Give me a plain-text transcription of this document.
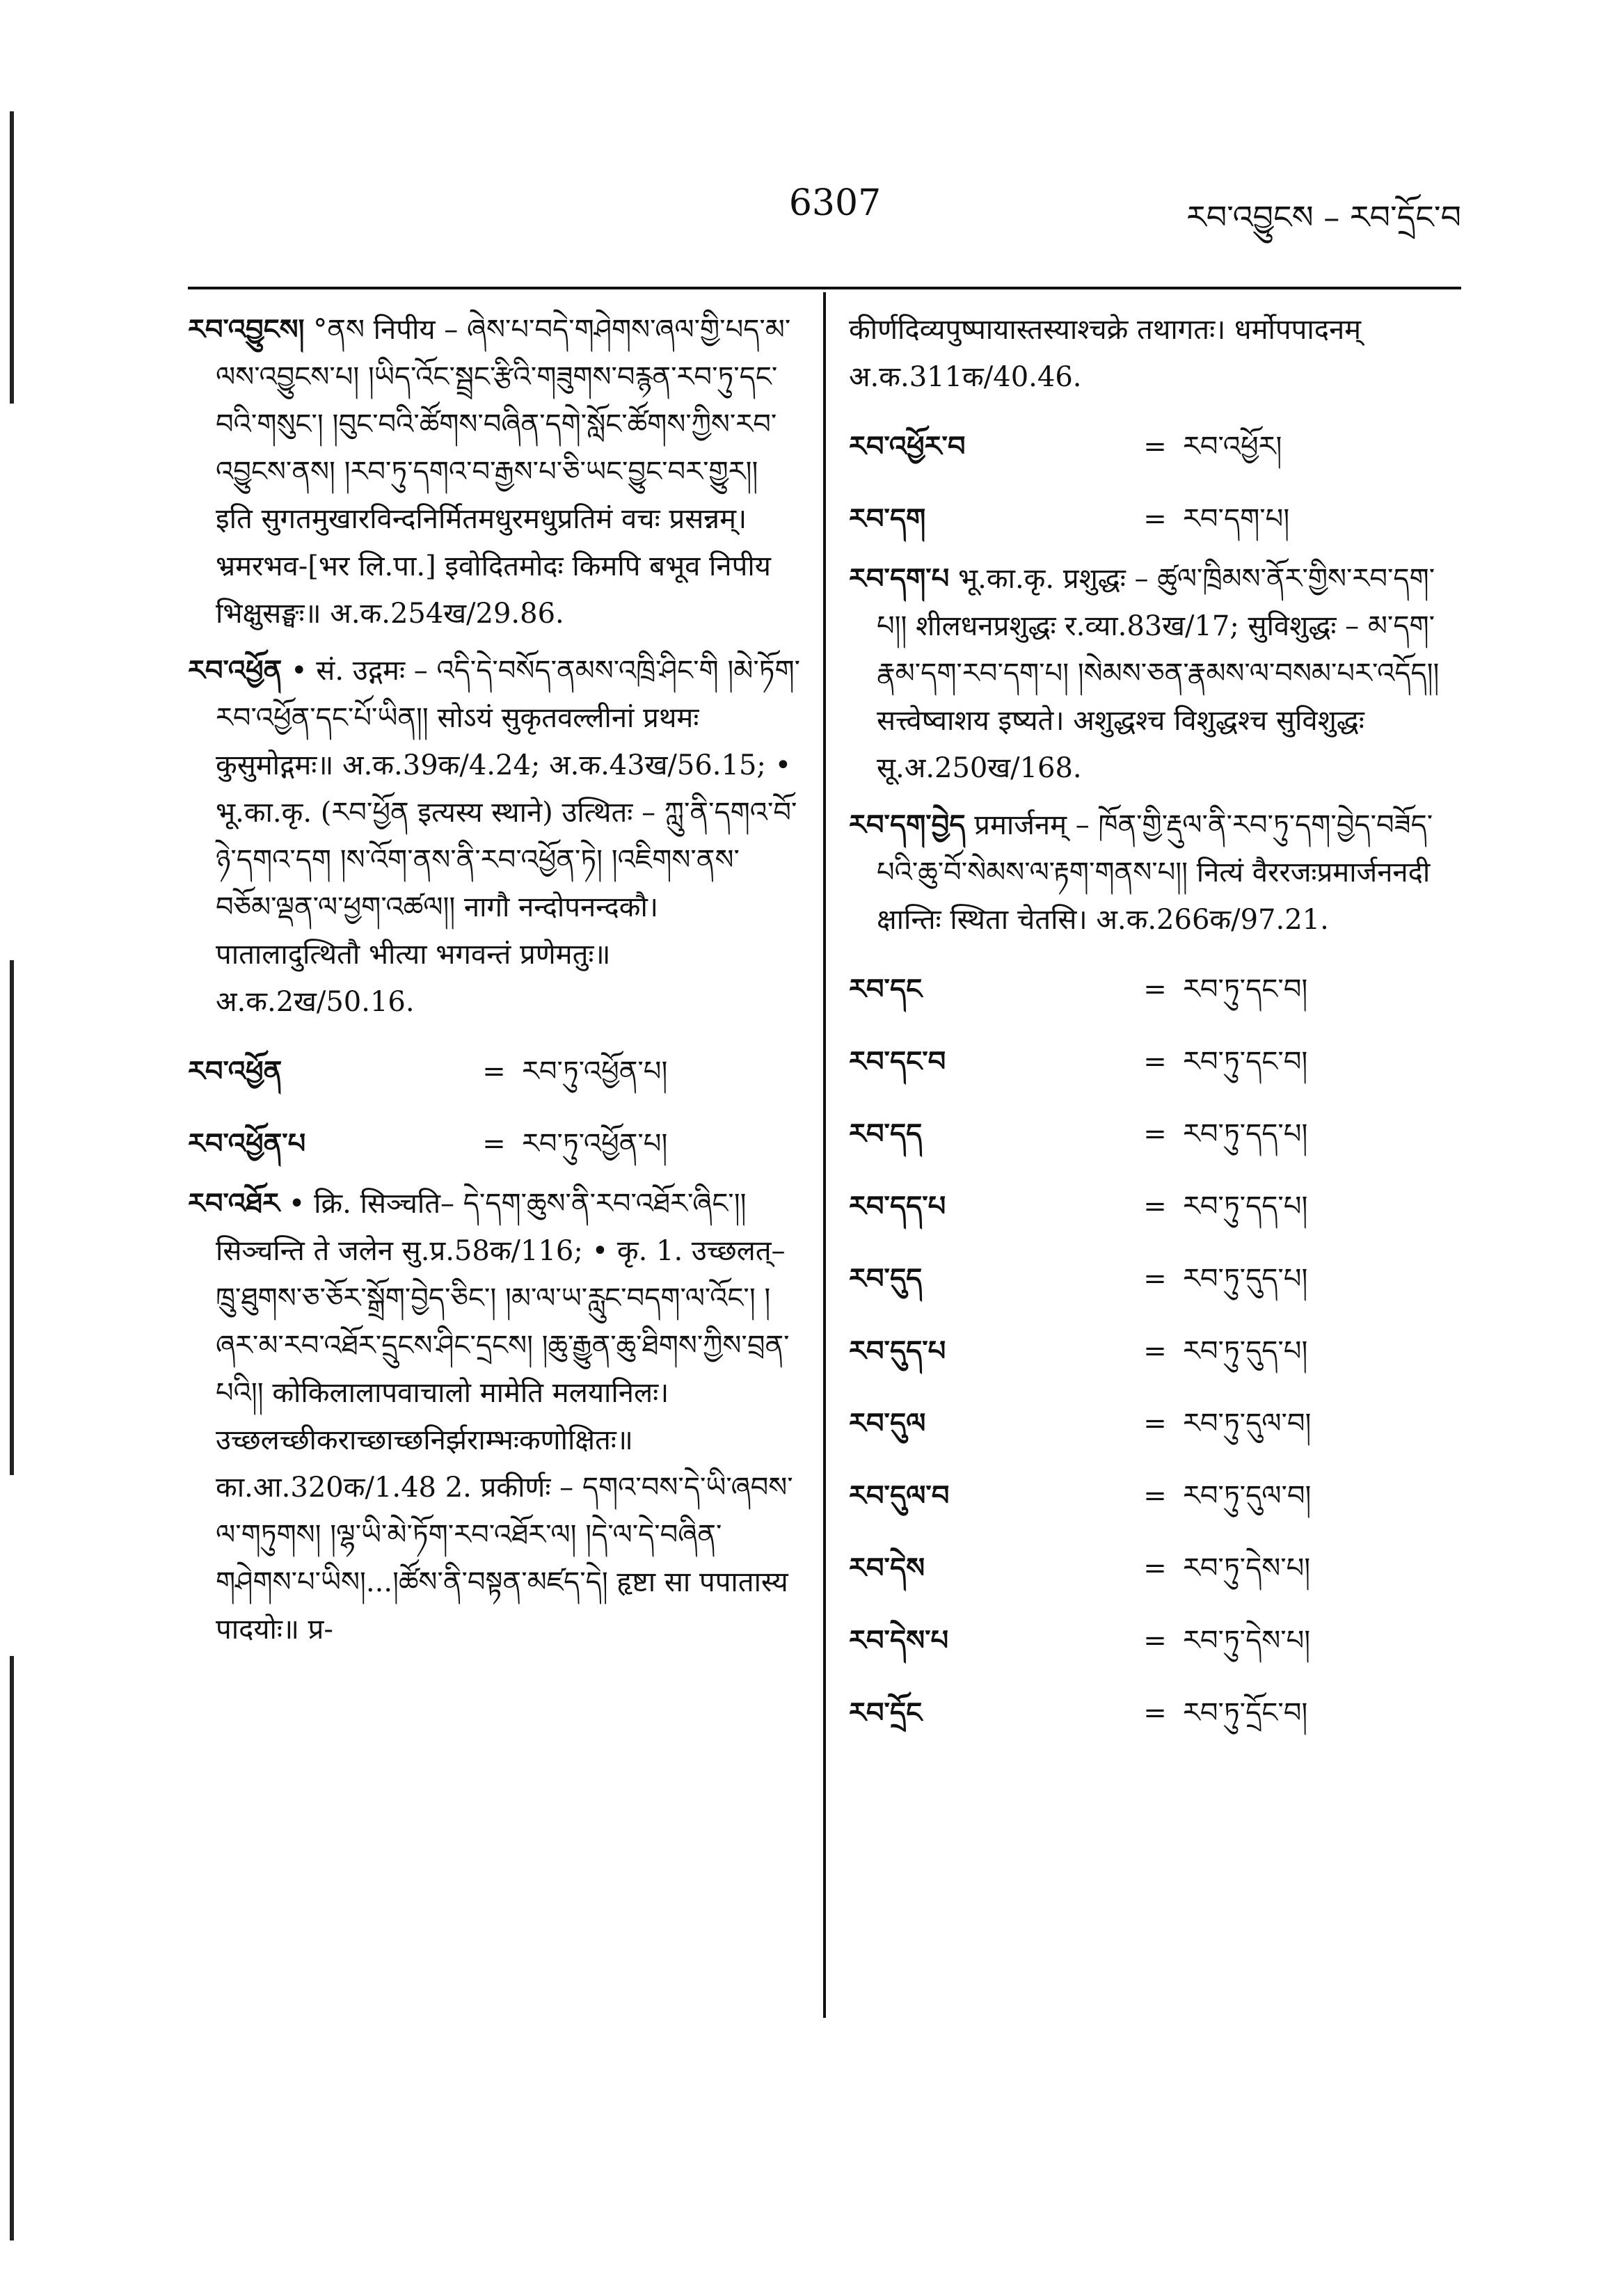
6307	རབ་འབྱུངས – རབ་དྲོང་བ
རབ་འབྱུངས། °ནས निपीय – ཞེས་པ་བདེ་གཤེགས་ཞལ་གྱི་པད་མ་ལས་འབྱུངས་པ། །ཡིད་འོང་སྦྲང་རྩིའི་གཟུགས་བརྙན་རབ་ཏུ་དང་བའི་གསུང་། །བུང་བའི་ཚོགས་བཞིན་དགེ་སློང་ཚོགས་ཀྱིས་རབ་འབྱུངས་ནས། །རབ་ཏུ་དགའ་བ་རྒྱས་པ་ཅི་ཡང་བྱུང་བར་གྱུར།། इति सुगतमुखारविन्दनिर्मितमधुरमधुप्रतिमं वचः प्रसन्नम्। भ्रमरभव-[भर लि.पा.] इवोदितमोदः किमपि बभूव निपीय भिक्षुसङ्घः॥ अ.क.254ख/29.86.
རབ་འཕྱོན • सं. उद्गमः – འདི་དེ་བསོད་ནམས་འཁྲི་ཤིང་གི །མེ་ཏོག་རབ་འཕྱོན་དང་པོ་ཡིན།། सोऽयं सुकृतवल्लीनां प्रथमः कुसुमोद्गमः॥ अ.क.39क/4.24; अ.क.43ख/56.15; • भू.का.कृ. (རབ་ཕྱོན इत्यस्य स्थाने) उत्थितः – ཀླུ་ནི་དགའ་བོ་ཉེ་དགའ་དག །ས་འོག་ནས་ནི་རབ་འཕྱོན་ཏེ། །འཇིགས་ནས་བཅོམ་ལྡན་ལ་ཕྱག་འཚལ།། नागौ नन्दोपनन्दकौ। पातालादुत्थितौ भीत्या भगवन्तं प्रणेमतुः॥ अ.क.2ख/50.16.
རབ་འཕྱོན	= རབ་ཏུ་འཕྱོན་པ།
རབ་འཕྱོན་པ	= རབ་ཏུ་འཕྱོན་པ།
རབ་འཐོར • क्रि. सिञ्चति– དེ་དག་ཆུས་ནི་རབ་འཐོར་ཞིང་།། सिञ्चन्ति ते जलेन सु.प्र.58क/116; • कृ. 1. उच्छलत्– ཁྲུ་ཐུགས་ཅ་ཅོར་སྒྲོག་བྱེད་ཅིང་། །མ་ལ་ཡ་རླུང་བདག་ལ་འོང་། །ཞར་མ་རབ་འཐོར་དྲུངས་ཤིང་དྲངས། །ཆུ་རྒྱུན་ཆུ་ཐིགས་ཀྱིས་བྲན་པའི།། कोकिलालापवाचालो मामेति मलयानिलः। उच्छलच्छीकराच्छाच्छनिर्झराम्भःकणोक्षितः॥ का.आ.320क/1.48 2. प्रकीर्णः – དགའ་བས་དེ་ཡི་ཞབས་ལ་གཏུགས། །ལྷ་ཡི་མེ་ཏོག་རབ་འཐོར་ལ། །དེ་ལ་དེ་བཞིན་གཤེགས་པ་ཡིས།...།ཚོས་ནི་བསྟན་མཛད་དེ། हृष्टा सा पपातास्य पादयोः॥ प्र-
कीर्णदिव्यपुष्पायास्तस्याश्चक्रे तथागतः। धर्मोपपादनम् अ.क.311क/40.46.
རབ་འཕྱོར་བ	= རབ་འཕྱོར།
རབ་དག	= རབ་དག་པ།
རབ་དག་པ भू.का.कृ. प्रशुद्धः – ཚུལ་ཁྲིམས་ནོར་གྱིས་རབ་དག་པ།། शीलधनप्रशुद्धः र.व्या.83ख/17; सुविशुद्धः – མ་དག་རྣམ་དག་རབ་དག་པ། །སེམས་ཅན་རྣམས་ལ་བསམ་པར་འདོད།། सत्त्वेष्वाशय इष्यते। अशुद्धश्च विशुद्धश्च सुविशुद्धः सू.अ.250ख/168.
རབ་དག་བྱེད प्रमार्जनम् – ཁོན་གྱི་རྡུལ་ནི་རབ་ཏུ་དག་བྱེད་བཟོད་པའི་ཆུ་བོ་སེམས་ལ་རྟག་གནས་པ།། नित्यं वैररजःप्रमार्जननदी क्षान्तिः स्थिता चेतसि। अ.क.266क/97.21.
རབ་དང	= རབ་ཏུ་དང་བ།
རབ་དང་བ	= རབ་ཏུ་དང་བ།
རབ་དད	= རབ་ཏུ་དད་པ།
རབ་དད་པ	= རབ་ཏུ་དད་པ།
རབ་དུད	= རབ་ཏུ་དུད་པ།
རབ་དུད་པ	= རབ་ཏུ་དུད་པ།
རབ་དུལ	= རབ་ཏུ་དུལ་བ།
རབ་དུལ་བ	= རབ་ཏུ་དུལ་བ།
རབ་དེས	= རབ་ཏུ་དེས་པ།
རབ་དེས་པ	= རབ་ཏུ་དེས་པ།
རབ་དྲོང	= རབ་ཏུ་དྲོང་བ།
